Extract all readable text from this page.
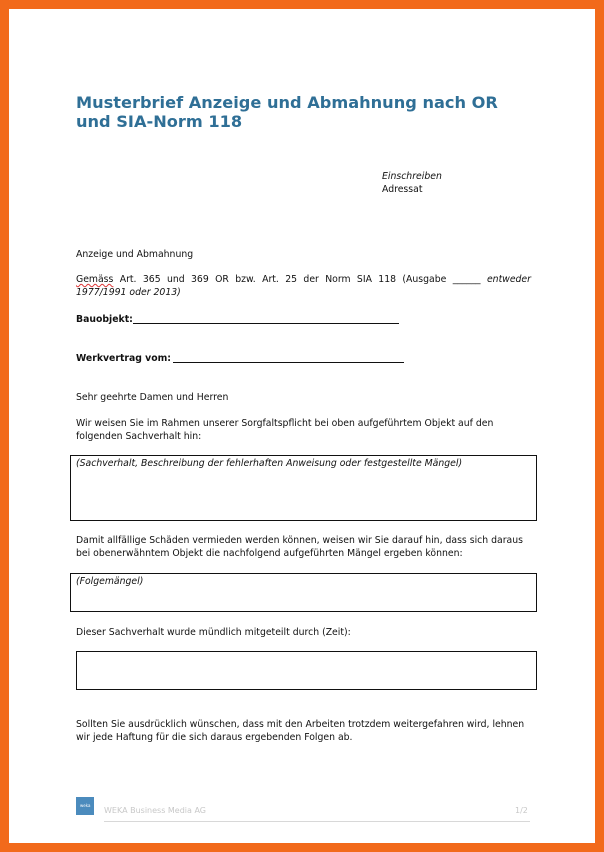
Musterbrief Anzeige und Abmahnung nach OR und SIA-Norm 118
Einschreiben
Adressat
Anzeige und Abmahnung
Gemäss Art. 365 und 369 OR bzw. Art. 25 der Norm SIA 118 (Ausgabe ______ entweder 1977/1991 oder 2013)
Bauobjekt:
Werkvertrag vom:
Sehr geehrte Damen und Herren
Wir weisen Sie im Rahmen unserer Sorgfaltspflicht bei oben aufgeführtem Objekt auf den folgenden Sachverhalt hin:
(Sachverhalt, Beschreibung der fehlerhaften Anweisung oder festgestellte Mängel)
Damit allfällige Schäden vermieden werden können, weisen wir Sie darauf hin, dass sich daraus bei obenerwähntem Objekt die nachfolgend aufgeführten Mängel ergeben können:
(Folgemängel)
Dieser Sachverhalt wurde mündlich mitgeteilt durch (Zeit):
Sollten Sie ausdrücklich wünschen, dass mit den Arbeiten trotzdem weitergefahren wird, lehnen wir jede Haftung für die sich daraus ergebenden Folgen ab.
weka
WEKA Business Media AG	1/2
